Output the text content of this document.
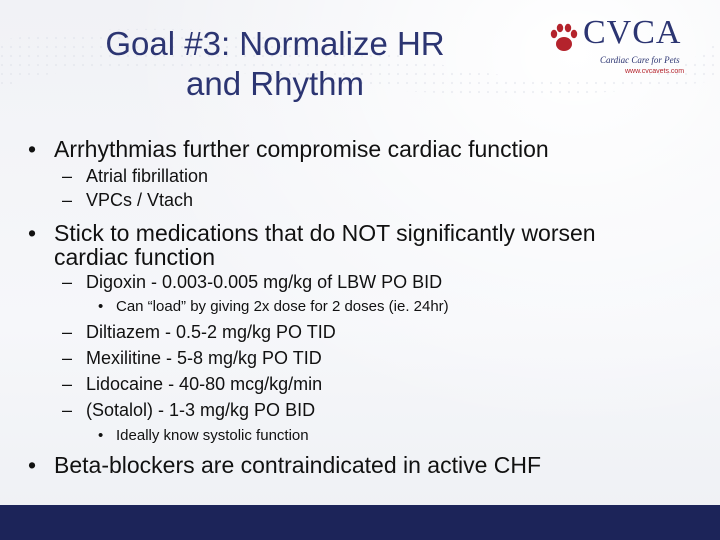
Goal #3: Normalize HR
and Rhythm
CVCA
Cardiac Care for Pets
www.cvcavets.com
• Arrhythmias further compromise cardiac function
– Atrial fibrillation
– VPCs / Vtach
• Stick to medications that do NOT significantly worsen
cardiac function
– Digoxin - 0.003-0.005 mg/kg of LBW PO BID
• Can “load” by giving 2x dose for 2 doses (ie. 24hr)
– Diltiazem - 0.5-2 mg/kg PO TID
– Mexilitine - 5-8 mg/kg PO TID
– Lidocaine - 40-80 mcg/kg/min
– (Sotalol) - 1-3 mg/kg PO BID
• Ideally know systolic function
• Beta-blockers are contraindicated in active CHF
